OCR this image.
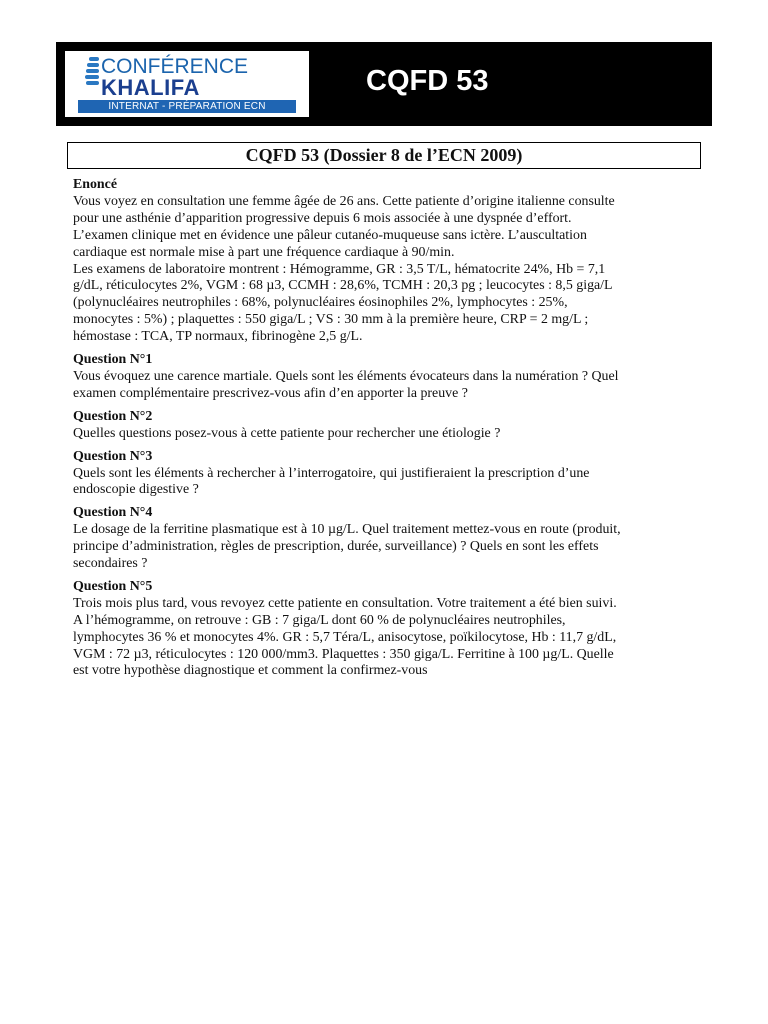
CONFÉRENCE
KHALIFA
INTERNAT - PRÉPARATION ECN
CQFD 53
CQFD 53 (Dossier 8 de l’ECN 2009)

Enoncé

Vous voyez en consultation une femme âgée de 26 ans. Cette patiente d’origine italienne consulte
pour une asthénie d’apparition progressive depuis 6 mois associée à une dyspnée d’effort.
L’examen clinique met en évidence une pâleur cutanéo-muqueuse sans ictère. L’auscultation
cardiaque est normale mise à part une fréquence cardiaque à 90/min.
Les examens de laboratoire montrent : Hémogramme, GR : 3,5 T/L, hématocrite 24%, Hb = 7,1
g/dL, réticulocytes 2%, VGM : 68 µ3, CCMH : 28,6%, TCMH : 20,3 pg ; leucocytes : 8,5 giga/L
(polynucléaires neutrophiles : 68%, polynucléaires éosinophiles 2%, lymphocytes : 25%,
monocytes : 5%) ; plaquettes : 550 giga/L ; VS : 30 mm à la première heure, CRP = 2 mg/L ;
hémostase : TCA, TP normaux, fibrinogène 2,5 g/L.

Question N°1

Vous évoquez une carence martiale. Quels sont les éléments évocateurs dans la numération ? Quel
examen complémentaire prescrivez-vous afin d’en apporter la preuve ?

Question N°2

Quelles questions posez-vous à cette patiente pour rechercher une étiologie ?

Question N°3

Quels sont les éléments à rechercher à l’interrogatoire, qui justifieraient la prescription d’une
endoscopie digestive ?

Question N°4

Le dosage de la ferritine plasmatique est à 10 µg/L. Quel traitement mettez-vous en route (produit,
principe d’administration, règles de prescription, durée, surveillance) ? Quels en sont les effets
secondaires ?

Question N°5

Trois mois plus tard, vous revoyez cette patiente en consultation. Votre traitement a été bien suivi.
A l’hémogramme, on retrouve : GB : 7 giga/L dont 60 % de polynucléaires neutrophiles,
lymphocytes 36 % et monocytes 4%. GR : 5,7 Téra/L, anisocytose, poïkilocytose, Hb : 11,7 g/dL,
VGM : 72 µ3, réticulocytes : 120 000/mm3. Plaquettes : 350 giga/L. Ferritine à 100 µg/L. Quelle
est votre hypothèse diagnostique et comment la confirmez-vous
